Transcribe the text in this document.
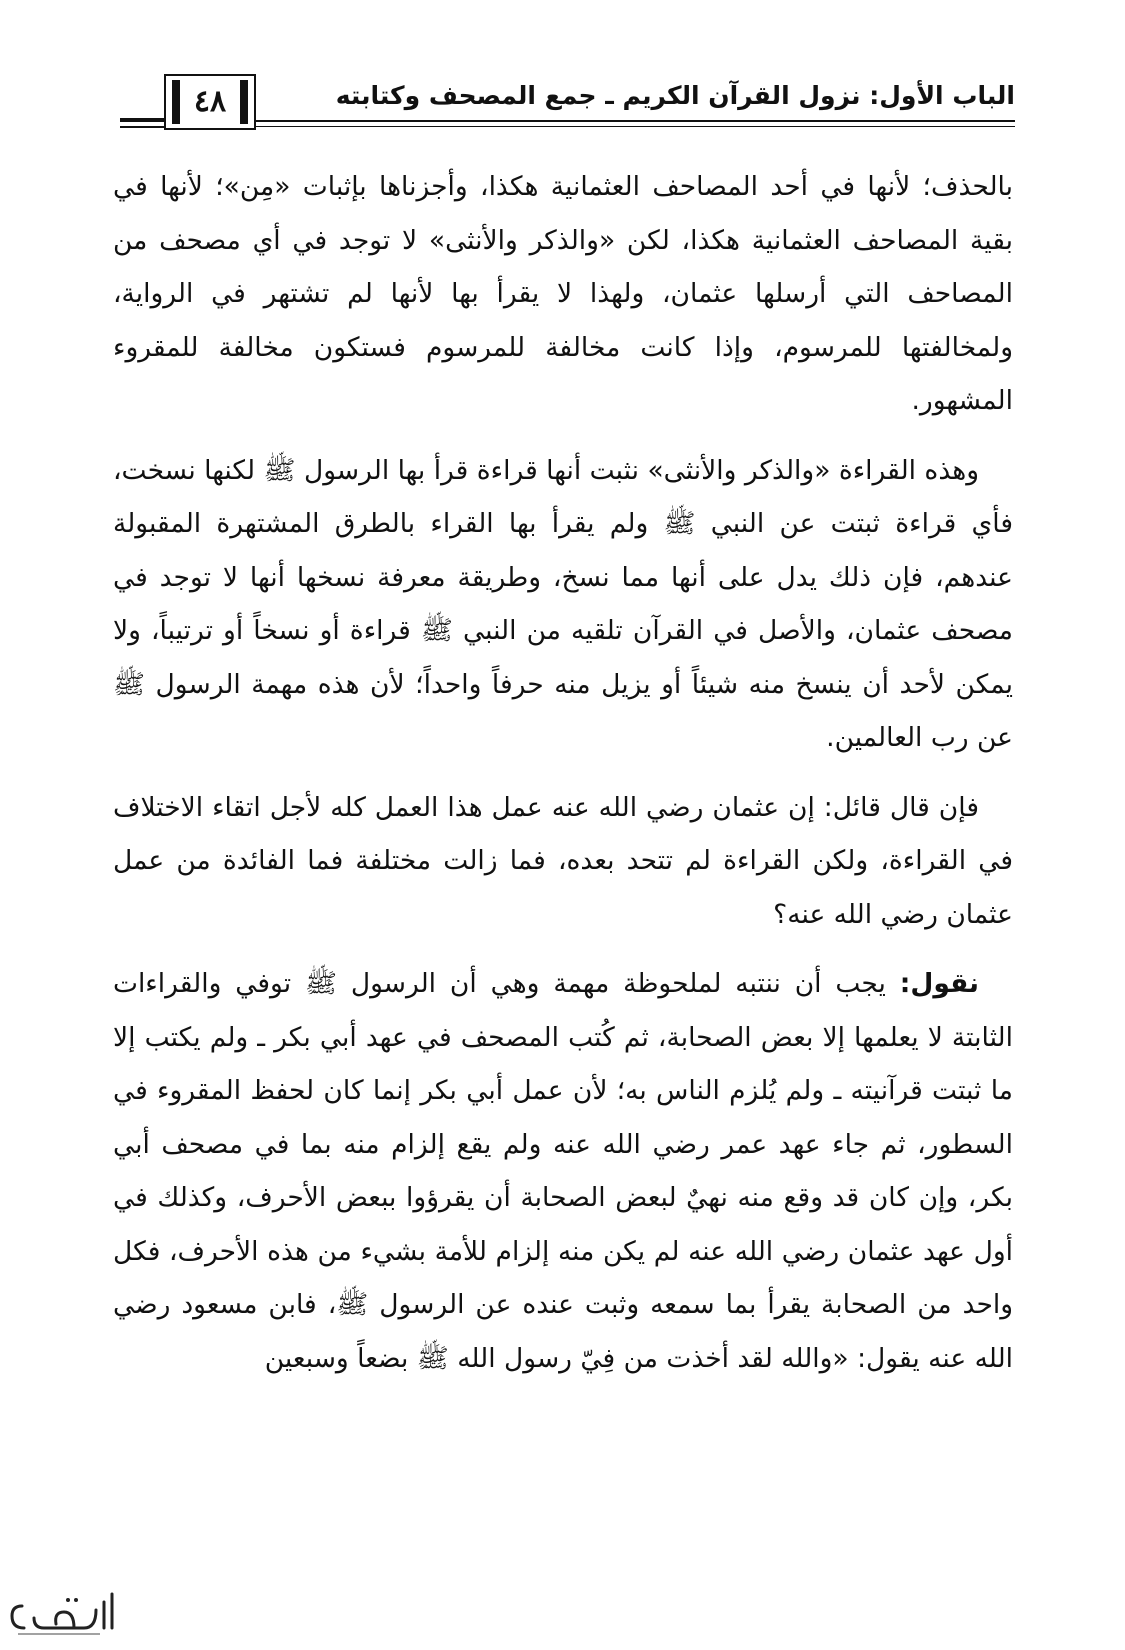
الباب الأول: نزول القرآن الكريم ـ جمع المصحف وكتابته
٤٨

بالحذف؛ لأنها في أحد المصاحف العثمانية هكذا، وأجزناها بإثبات «مِن»؛ لأنها في بقية المصاحف العثمانية هكذا، لكن «والذكر والأنثى» لا توجد في أي مصحف من المصاحف التي أرسلها عثمان، ولهذا لا يقرأ بها لأنها لم تشتهر في الرواية، ولمخالفتها للمرسوم، وإذا كانت مخالفة للمرسوم فستكون مخالفة للمقروء المشهور.

وهذه القراءة «والذكر والأنثى» نثبت أنها قراءة قرأ بها الرسول ﷺ لكنها نسخت، فأي قراءة ثبتت عن النبي ﷺ ولم يقرأ بها القراء بالطرق المشتهرة المقبولة عندهم، فإن ذلك يدل على أنها مما نسخ، وطريقة معرفة نسخها أنها لا توجد في مصحف عثمان، والأصل في القرآن تلقيه من النبي ﷺ قراءة أو نسخاً أو ترتيباً، ولا يمكن لأحد أن ينسخ منه شيئاً أو يزيل منه حرفاً واحداً؛ لأن هذه مهمة الرسول ﷺ عن رب العالمين.

فإن قال قائل: إن عثمان رضي الله عنه عمل هذا العمل كله لأجل اتقاء الاختلاف في القراءة، ولكن القراءة لم تتحد بعده، فما زالت مختلفة فما الفائدة من عمل عثمان رضي الله عنه؟

نقول: يجب أن ننتبه لملحوظة مهمة وهي أن الرسول ﷺ توفي والقراءات الثابتة لا يعلمها إلا بعض الصحابة، ثم كُتب المصحف في عهد أبي بكر ـ ولم يكتب إلا ما ثبتت قرآنيته ـ ولم يُلزم الناس به؛ لأن عمل أبي بكر إنما كان لحفظ المقروء في السطور، ثم جاء عهد عمر رضي الله عنه ولم يقع إلزام منه بما في مصحف أبي بكر، وإن كان قد وقع منه نهيٌ لبعض الصحابة أن يقرؤوا ببعض الأحرف، وكذلك في أول عهد عثمان رضي الله عنه لم يكن منه إلزام للأمة بشيء من هذه الأحرف، فكل واحد من الصحابة يقرأ بما سمعه وثبت عنده عن الرسول ﷺ، فابن مسعود رضي الله عنه يقول: «والله لقد أخذت من فِيّ رسول الله ﷺ بضعاً وسبعين
